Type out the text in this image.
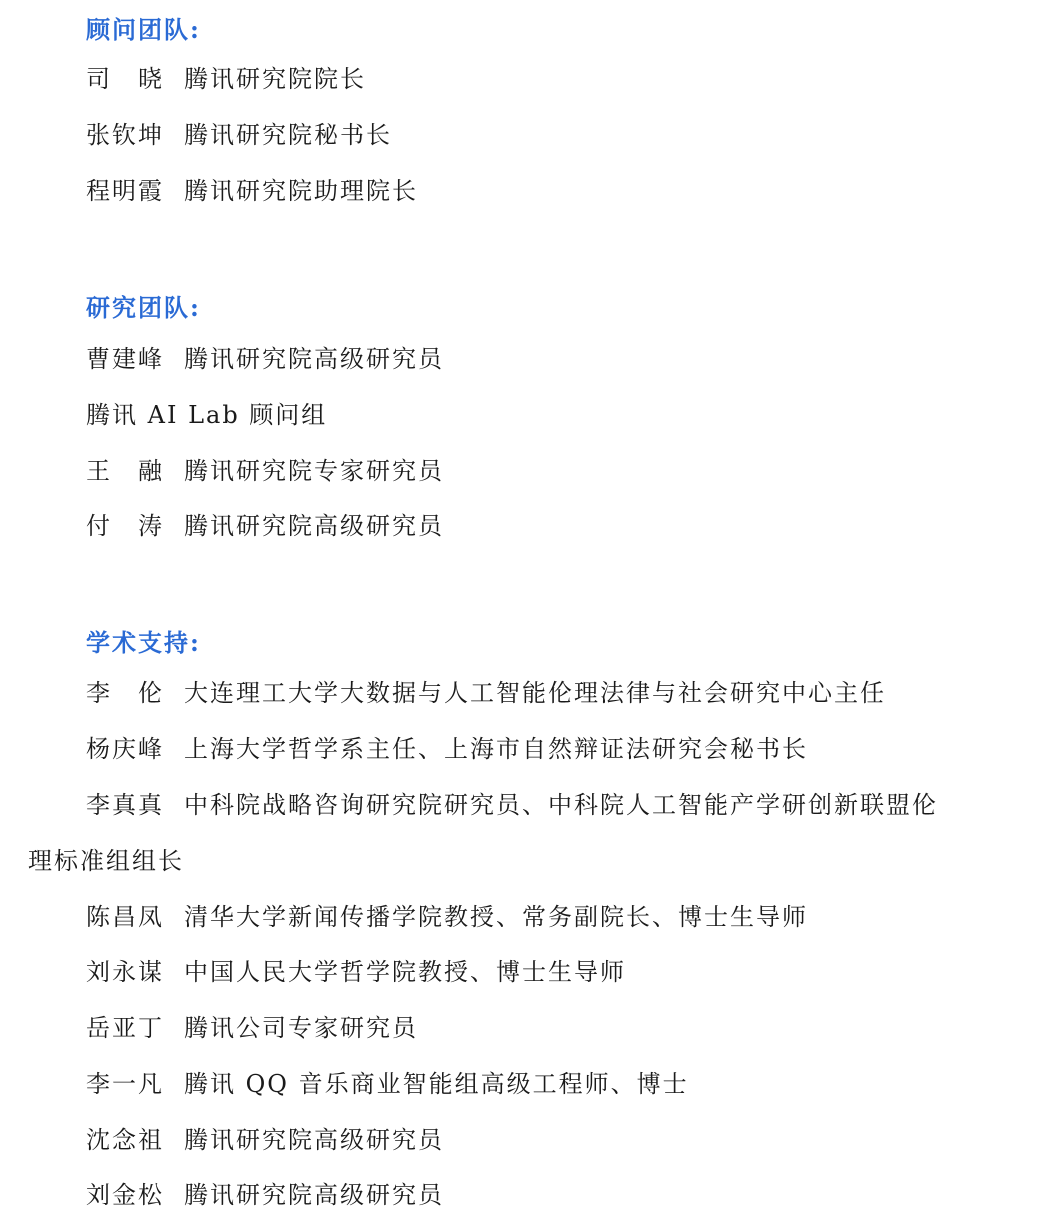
顾问团队:
司　晓 腾讯研究院院长
张钦坤 腾讯研究院秘书长
程明霞 腾讯研究院助理院长
研究团队:
曹建峰 腾讯研究院高级研究员
腾讯 AI Lab 顾问组
王　融 腾讯研究院专家研究员
付　涛 腾讯研究院高级研究员
学术支持:
李　伦 大连理工大学大数据与人工智能伦理法律与社会研究中心主任
杨庆峰 上海大学哲学系主任、上海市自然辩证法研究会秘书长
李真真 中科院战略咨询研究院研究员、中科院人工智能产学研创新联盟伦
理标准组组长
陈昌凤 清华大学新闻传播学院教授、常务副院长、博士生导师
刘永谋 中国人民大学哲学院教授、博士生导师
岳亚丁 腾讯公司专家研究员
李一凡 腾讯 QQ 音乐商业智能组高级工程师、博士
沈念祖 腾讯研究院高级研究员
刘金松 腾讯研究院高级研究员
